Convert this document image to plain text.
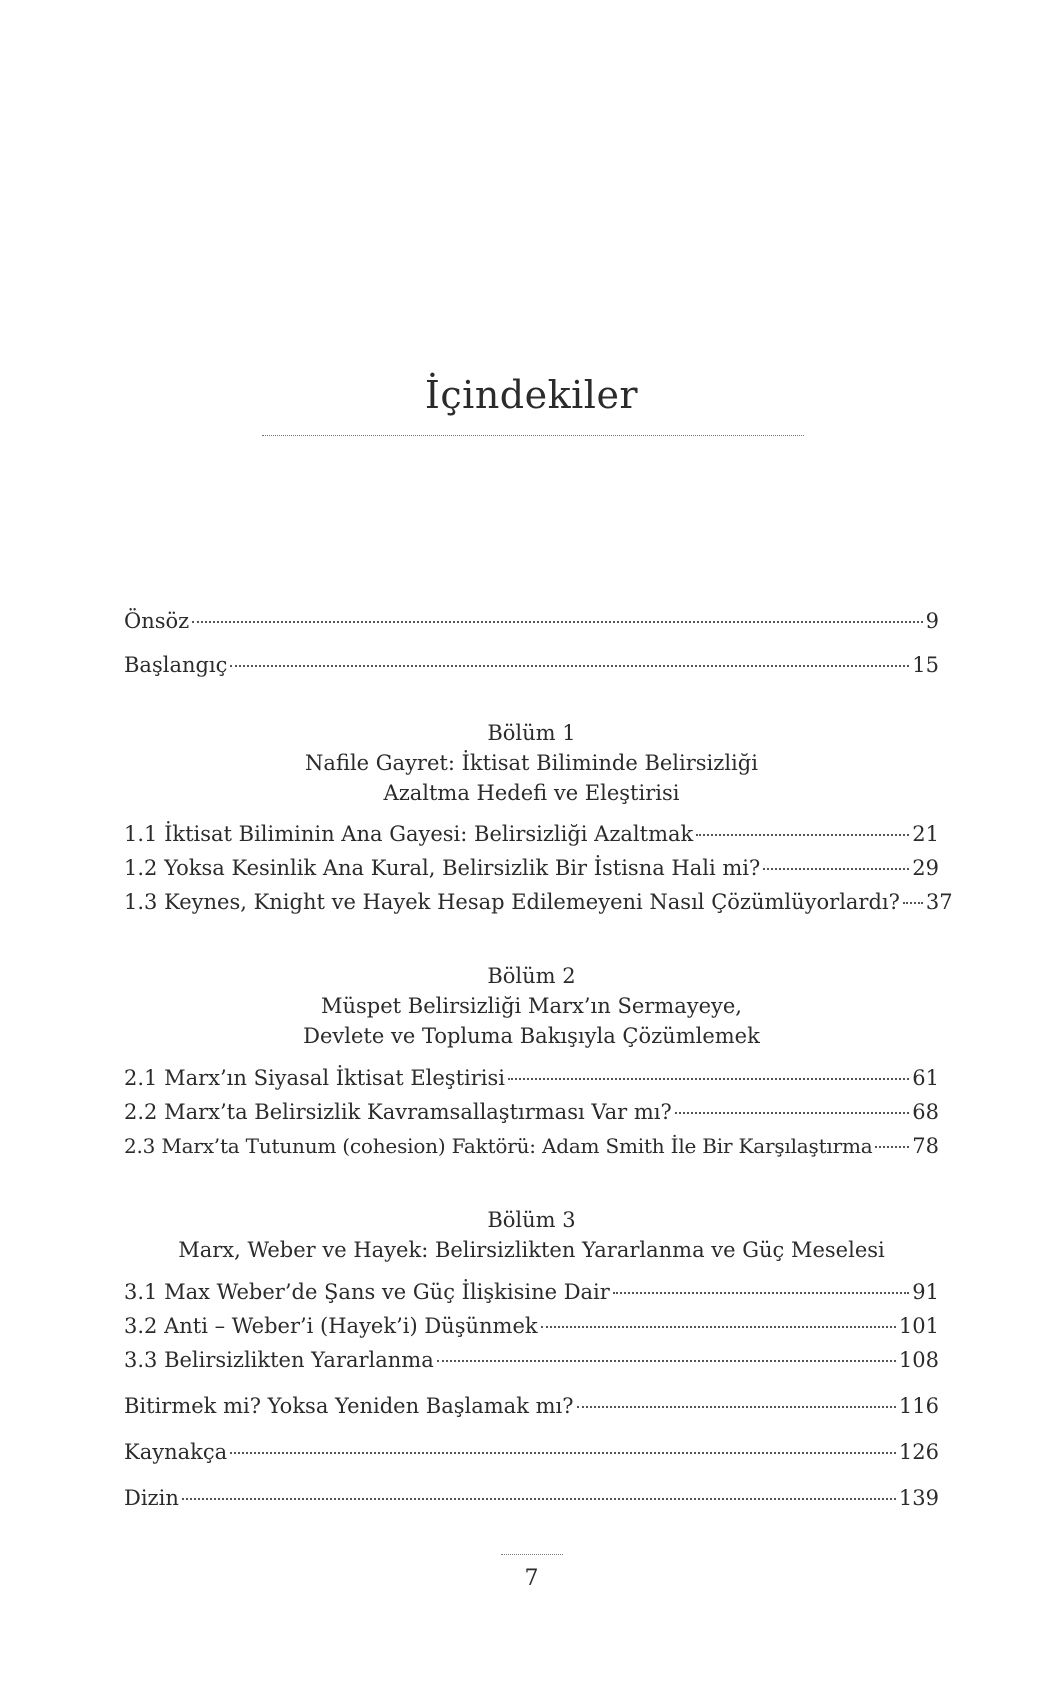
İçindekiler
Önsöz	9
Başlangıç	15
Bölüm 1
Nafile Gayret: İktisat Biliminde Belirsizliği
Azaltma Hedefi ve Eleştirisi
1.1 İktisat Biliminin Ana Gayesi: Belirsizliği Azaltmak	21
1.2 Yoksa Kesinlik Ana Kural, Belirsizlik Bir İstisna Hali mi?	29
1.3 Keynes, Knight ve Hayek Hesap Edilemeyeni Nasıl Çözümlüyorlardı? 37
Bölüm 2
Müspet Belirsizliği Marx’ın Sermayeye,
Devlete ve Topluma Bakışıyla Çözümlemek
2.1 Marx’ın Siyasal İktisat Eleştirisi	61
2.2 Marx’ta Belirsizlik Kavramsallaştırması Var mı?	68
2.3 Marx’ta Tutunum (cohesion) Faktörü: Adam Smith İle Bir Karşılaştırma 78
Bölüm 3
Marx, Weber ve Hayek: Belirsizlikten Yararlanma ve Güç Meselesi
3.1 Max Weber’de Şans ve Güç İlişkisine Dair	91
3.2 Anti – Weber’i (Hayek’i) Düşünmek	101
3.3 Belirsizlikten Yararlanma	108
Bitirmek mi? Yoksa Yeniden Başlamak mı?	116
Kaynakça	126
Dizin	139
7
